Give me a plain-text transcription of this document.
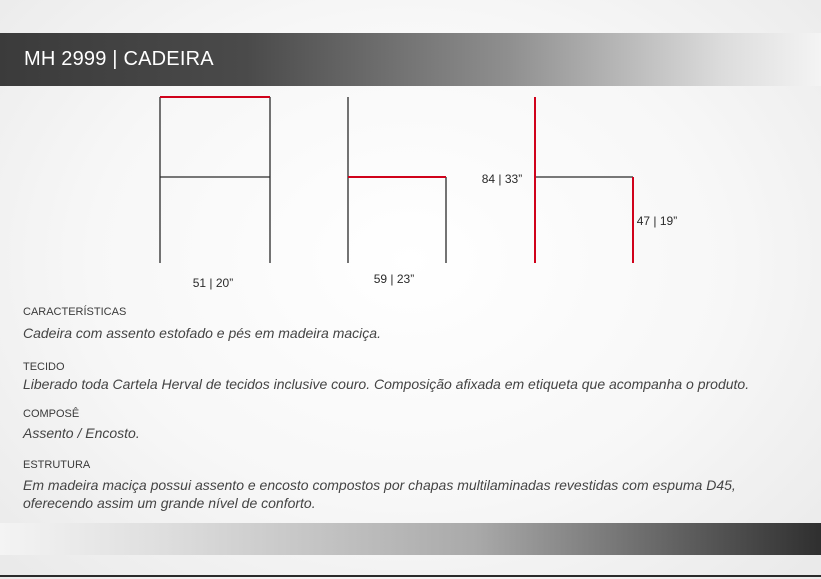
MH 2999 | CADEIRA
51 | 20”	59 | 23”
84 | 33”
47 | 19”
CARACTERÍSTICAS
Cadeira com assento estofado e pés em madeira maciça.
TECIDO
Liberado toda Cartela Herval de tecidos inclusive couro. Composição afixada em etiqueta que acompanha o produto.
COMPOSÊ
Assento / Encosto.
ESTRUTURA
Em madeira maciça possui assento e encosto compostos por chapas multilaminadas revestidas com espuma D45, oferecendo assim um grande nível de conforto.
